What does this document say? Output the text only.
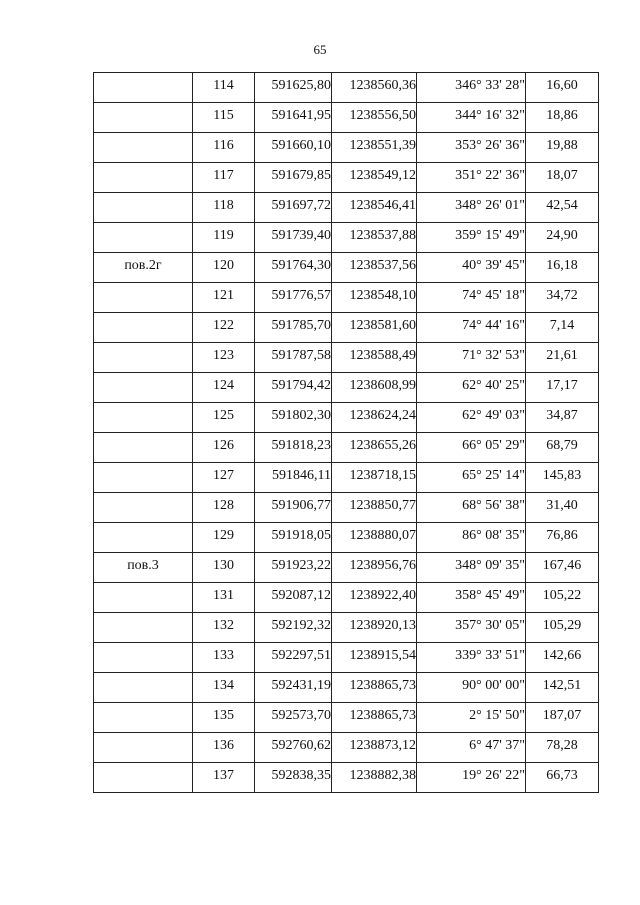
65
	114	591625,80	1238560,36	346° 33' 28"	16,60
	115	591641,95	1238556,50	344° 16' 32"	18,86
	116	591660,10	1238551,39	353° 26' 36"	19,88
	117	591679,85	1238549,12	351° 22' 36"	18,07
	118	591697,72	1238546,41	348° 26' 01"	42,54
	119	591739,40	1238537,88	359° 15' 49"	24,90
пов.2г	120	591764,30	1238537,56	40° 39' 45"	16,18
	121	591776,57	1238548,10	74° 45' 18"	34,72
	122	591785,70	1238581,60	74° 44' 16"	7,14
	123	591787,58	1238588,49	71° 32' 53"	21,61
	124	591794,42	1238608,99	62° 40' 25"	17,17
	125	591802,30	1238624,24	62° 49' 03"	34,87
	126	591818,23	1238655,26	66° 05' 29"	68,79
	127	591846,11	1238718,15	65° 25' 14"	145,83
	128	591906,77	1238850,77	68° 56' 38"	31,40
	129	591918,05	1238880,07	86° 08' 35"	76,86
пов.3	130	591923,22	1238956,76	348° 09' 35"	167,46
	131	592087,12	1238922,40	358° 45' 49"	105,22
	132	592192,32	1238920,13	357° 30' 05"	105,29
	133	592297,51	1238915,54	339° 33' 51"	142,66
	134	592431,19	1238865,73	90° 00' 00"	142,51
	135	592573,70	1238865,73	2° 15' 50"	187,07
	136	592760,62	1238873,12	6° 47' 37"	78,28
	137	592838,35	1238882,38	19° 26' 22"	66,73
